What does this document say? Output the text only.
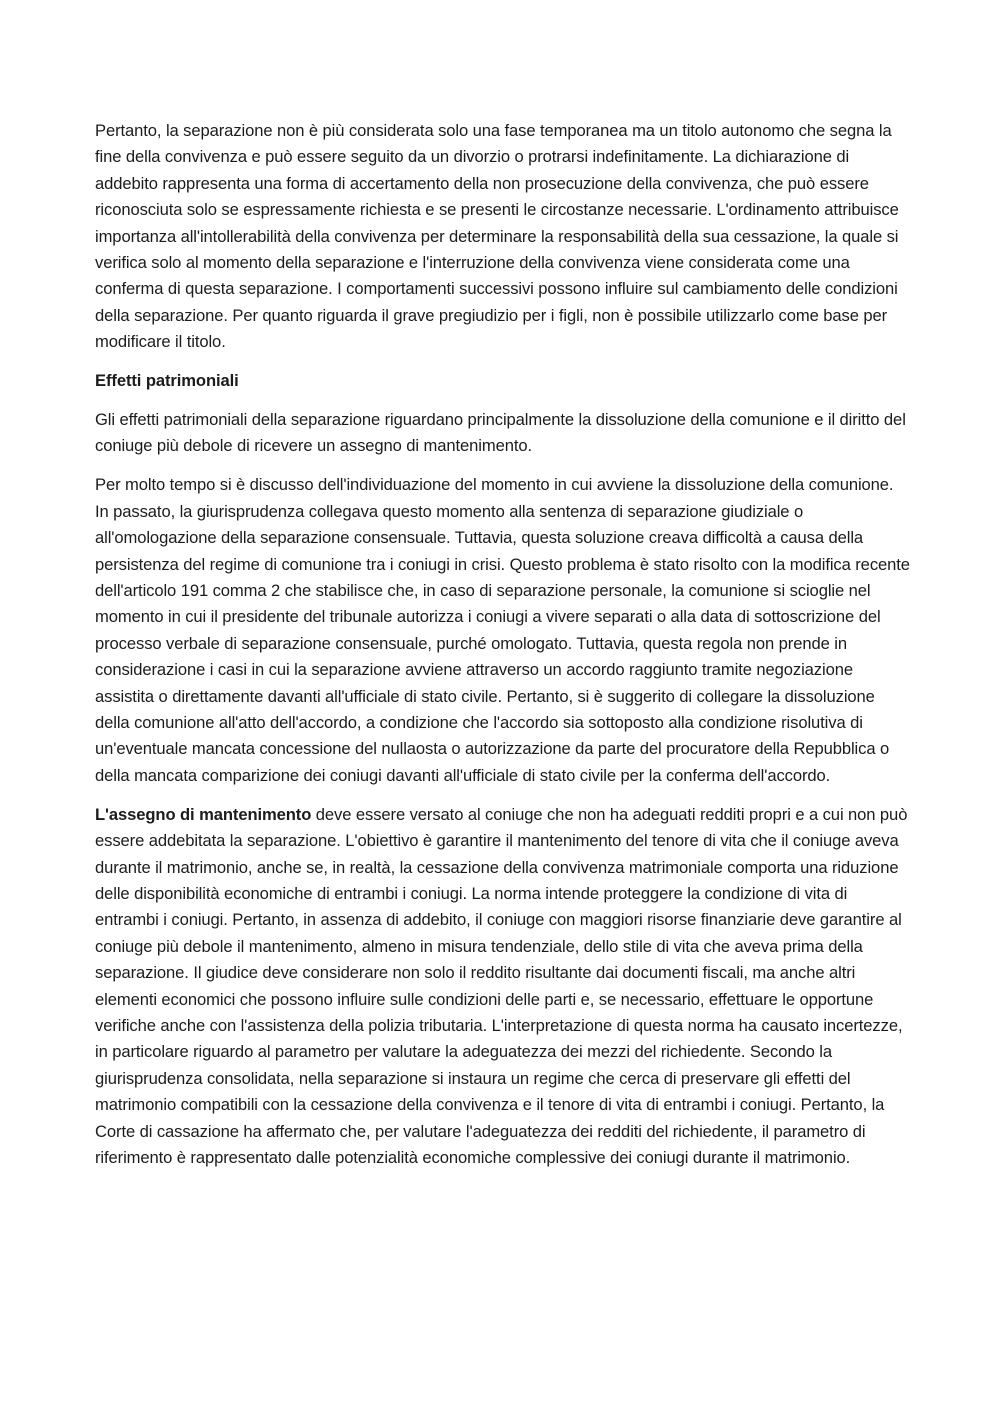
Pertanto, la separazione non è più considerata solo una fase temporanea ma un titolo autonomo che segna la fine della convivenza e può essere seguito da un divorzio o protrarsi indefinitamente. La dichiarazione di addebito rappresenta una forma di accertamento della non prosecuzione della convivenza, che può essere riconosciuta solo se espressamente richiesta e se presenti le circostanze necessarie. L'ordinamento attribuisce importanza all'intollerabilità della convivenza per determinare la responsabilità della sua cessazione, la quale si verifica solo al momento della separazione e l'interruzione della convivenza viene considerata come una conferma di questa separazione. I comportamenti successivi possono influire sul cambiamento delle condizioni della separazione. Per quanto riguarda il grave pregiudizio per i figli, non è possibile utilizzarlo come base per modificare il titolo.

Effetti patrimoniali

Gli effetti patrimoniali della separazione riguardano principalmente la dissoluzione della comunione e il diritto del coniuge più debole di ricevere un assegno di mantenimento.

Per molto tempo si è discusso dell'individuazione del momento in cui avviene la dissoluzione della comunione. In passato, la giurisprudenza collegava questo momento alla sentenza di separazione giudiziale o all'omologazione della separazione consensuale. Tuttavia, questa soluzione creava difficoltà a causa della persistenza del regime di comunione tra i coniugi in crisi. Questo problema è stato risolto con la modifica recente dell'articolo 191 comma 2 che stabilisce che, in caso di separazione personale, la comunione si scioglie nel momento in cui il presidente del tribunale autorizza i coniugi a vivere separati o alla data di sottoscrizione del processo verbale di separazione consensuale, purché omologato. Tuttavia, questa regola non prende in considerazione i casi in cui la separazione avviene attraverso un accordo raggiunto tramite negoziazione assistita o direttamente davanti all'ufficiale di stato civile. Pertanto, si è suggerito di collegare la dissoluzione della comunione all'atto dell'accordo, a condizione che l'accordo sia sottoposto alla condizione risolutiva di un'eventuale mancata concessione del nullaosta o autorizzazione da parte del procuratore della Repubblica o della mancata comparizione dei coniugi davanti all'ufficiale di stato civile per la conferma dell'accordo.

L'assegno di mantenimento deve essere versato al coniuge che non ha adeguati redditi propri e a cui non può essere addebitata la separazione. L'obiettivo è garantire il mantenimento del tenore di vita che il coniuge aveva durante il matrimonio, anche se, in realtà, la cessazione della convivenza matrimoniale comporta una riduzione delle disponibilità economiche di entrambi i coniugi. La norma intende proteggere la condizione di vita di entrambi i coniugi. Pertanto, in assenza di addebito, il coniuge con maggiori risorse finanziarie deve garantire al coniuge più debole il mantenimento, almeno in misura tendenziale, dello stile di vita che aveva prima della separazione. Il giudice deve considerare non solo il reddito risultante dai documenti fiscali, ma anche altri elementi economici che possono influire sulle condizioni delle parti e, se necessario, effettuare le opportune verifiche anche con l'assistenza della polizia tributaria. L'interpretazione di questa norma ha causato incertezze, in particolare riguardo al parametro per valutare la adeguatezza dei mezzi del richiedente. Secondo la giurisprudenza consolidata, nella separazione si instaura un regime che cerca di preservare gli effetti del matrimonio compatibili con la cessazione della convivenza e il tenore di vita di entrambi i coniugi. Pertanto, la Corte di cassazione ha affermato che, per valutare l'adeguatezza dei redditi del richiedente, il parametro di riferimento è rappresentato dalle potenzialità economiche complessive dei coniugi durante il matrimonio.
